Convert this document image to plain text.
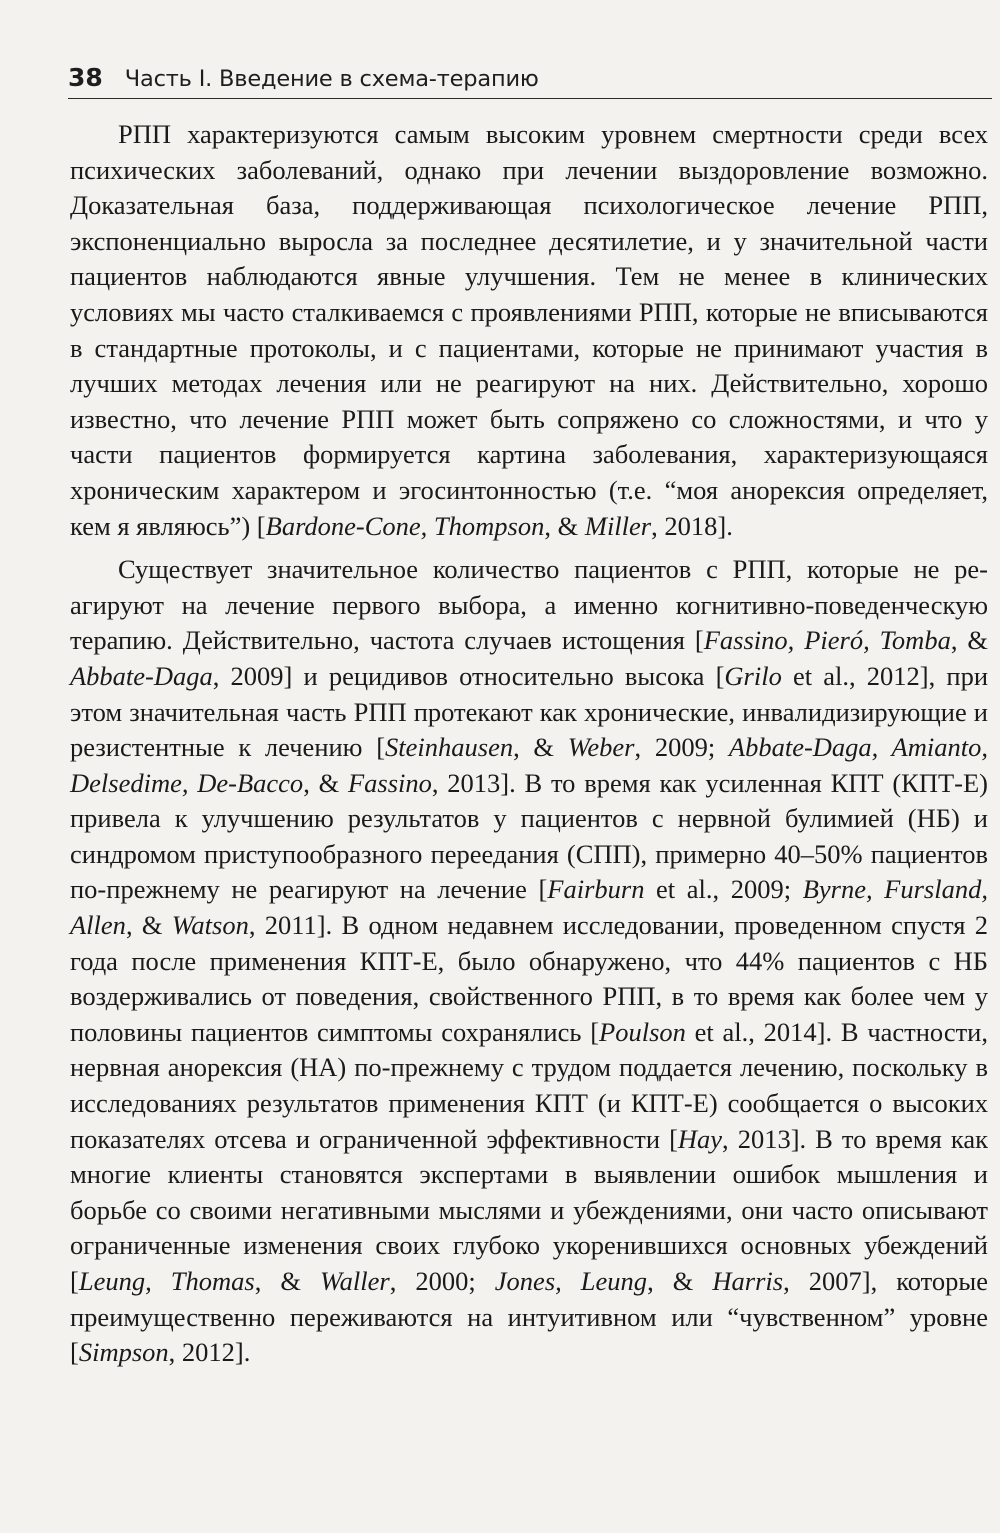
38 Часть I. Введение в схема-терапию

РПП характеризуются самым высоким уровнем смертности среди всех психических заболеваний, однако при лечении выздоровление возможно. Доказательная база, поддерживающая психологическое лечение РПП, экспоненциально выросла за последнее десятилетие, и у значительной части пациентов наблюдаются явные улучшения. Тем не менее в клинических условиях мы часто сталкиваемся с проявлениями РПП, которые не вписываются в стандартные протоколы, и с пациентами, которые не принимают участия в лучших методах лечения или не реагируют на них. Действительно, хорошо известно, что лечение РПП может быть сопряжено со сложностями, и что у части пациентов формируется картина заболевания, характеризующаяся хроническим характером и эгосинтонностью (т.е. “моя анорексия определяет, кем я являюсь”) [Bardone-Cone, Thompson, & Miller, 2018].

Существует значительное количество пациентов с РПП, которые не реагируют на лечение первого выбора, а именно когнитивно-поведенческую терапию. Действительно, частота случаев истощения [Fassino, Pieró, Tomba, & Abbate-Daga, 2009] и рецидивов относительно высока [Grilo et al., 2012], при этом значительная часть РПП протекают как хронические, инвалидизирующие и резистентные к лечению [Steinhausen, & Weber, 2009; Abbate-Daga, Amianto, Delsedime, De-Bacco, & Fassino, 2013]. В то время как усиленная КПТ (КПТ-Е) привела к улучшению результатов у пациентов с нервной булимией (НБ) и синдромом приступообразного переедания (СПП), примерно 40–50% пациентов по-прежнему не реагируют на лечение [Fairburn et al., 2009; Byrne, Fursland, Allen, & Watson, 2011]. В одном недавнем исследовании, проведенном спустя 2 года после применения КПТ-Е, было обнаружено, что 44% пациентов с НБ воздерживались от поведения, свойственного РПП, в то время как более чем у половины пациентов симптомы сохранялись [Poulson et al., 2014]. В частности, нервная анорексия (НА) по-прежнему с трудом поддается лечению, поскольку в исследованиях результатов применения КПТ (и КПТ-Е) сообщается о высоких показателях отсева и ограниченной эффективности [Hay, 2013]. В то время как многие клиенты становятся экспертами в выявлении ошибок мышления и борьбе со своими негативными мыслями и убеждениями, они часто описывают ограниченные изменения своих глубоко укоренившихся основных убеждений [Leung, Thomas, & Waller, 2000; Jones, Leung, & Harris, 2007], которые преимущественно переживаются на интуитивном или “чувственном” уровне [Simpson, 2012].
